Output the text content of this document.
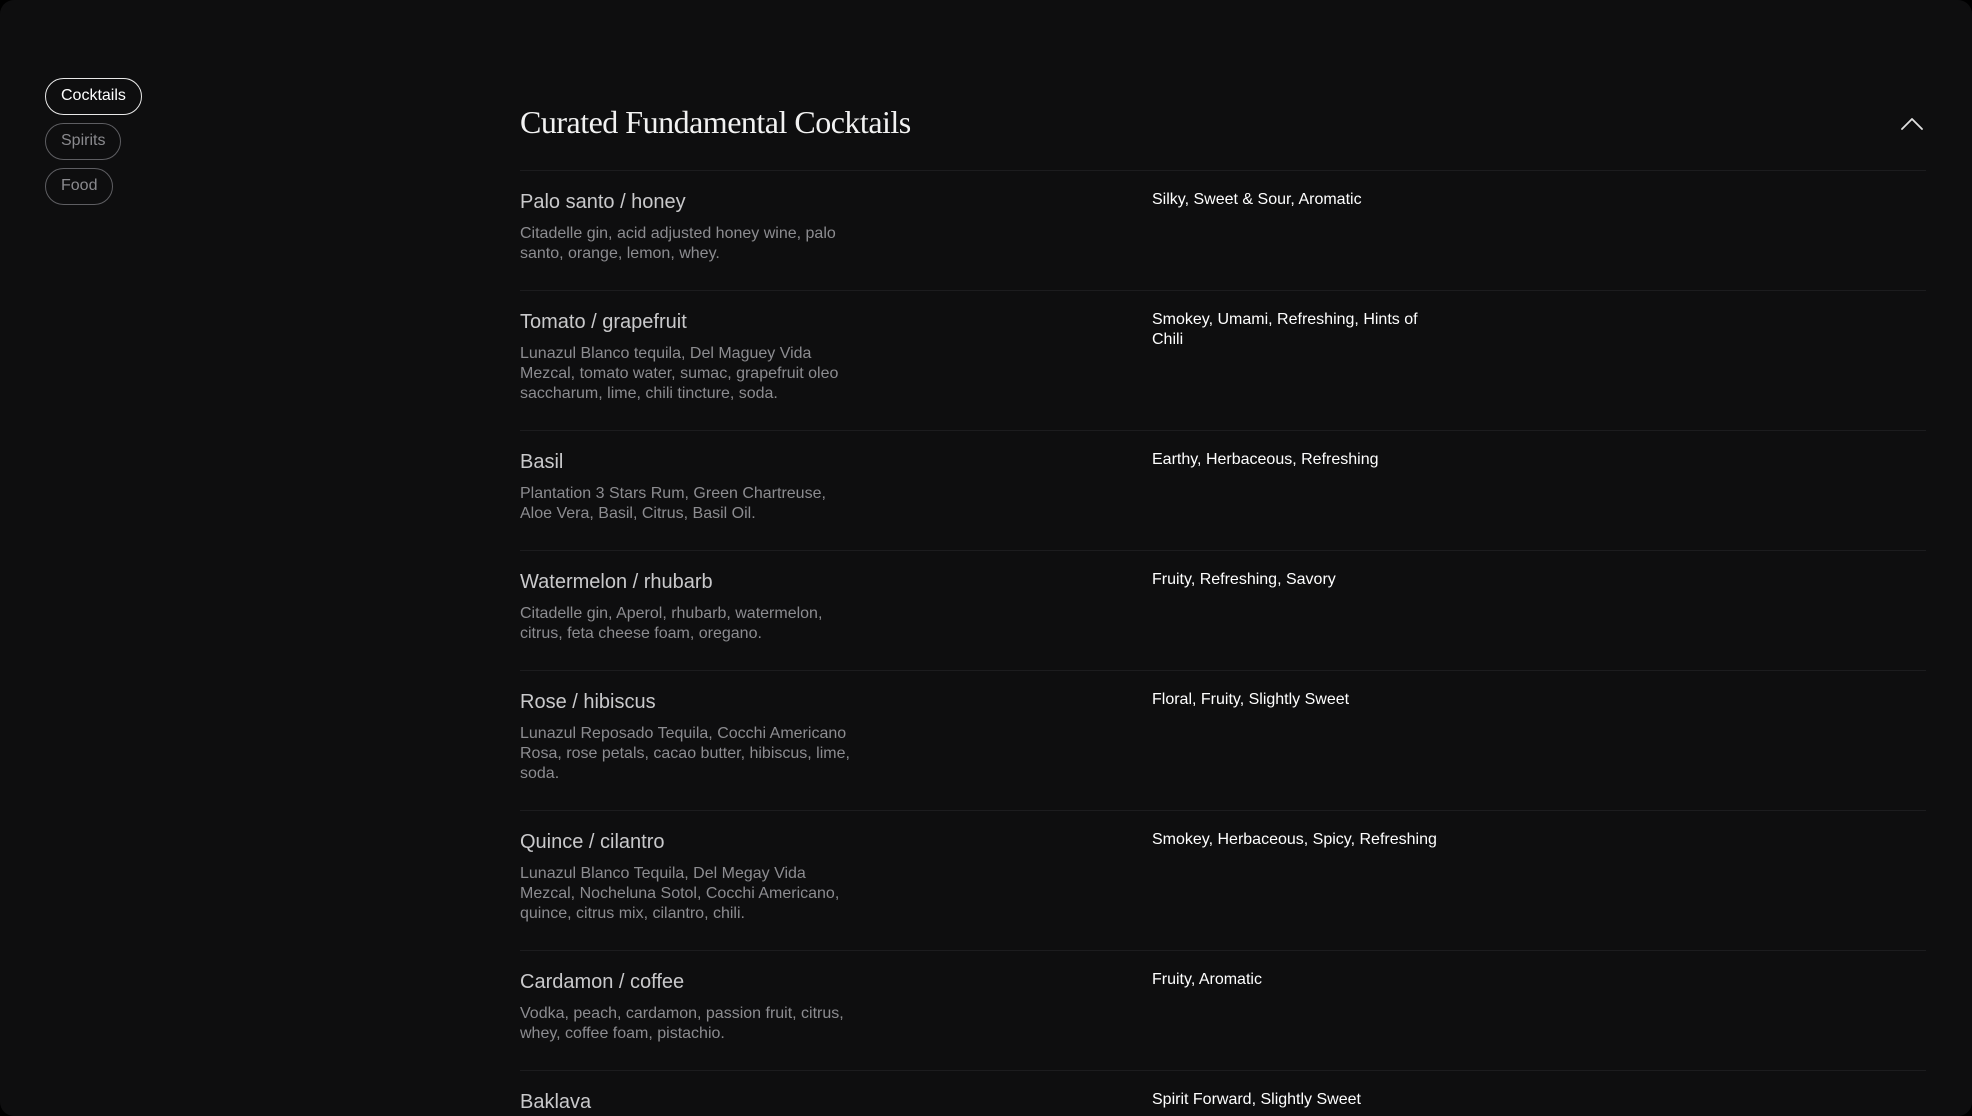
Cocktails
Spirits
Food
Curated Fundamental Cocktails

Palo santo / honey

Citadelle gin, acid adjusted honey wine, palo santo, orange, lemon, whey.

Silky, Sweet & Sour, Aromatic

Tomato / grapefruit

Lunazul Blanco tequila, Del Maguey Vida Mezcal, tomato water, sumac, grapefruit oleo saccharum, lime, chili tincture, soda.

Smokey, Umami, Refreshing, Hints of Chili

Basil

Plantation 3 Stars Rum, Green Chartreuse, Aloe Vera, Basil, Citrus, Basil Oil.

Earthy, Herbaceous, Refreshing

Watermelon / rhubarb

Citadelle gin, Aperol, rhubarb, watermelon, citrus, feta cheese foam, oregano.

Fruity, Refreshing, Savory

Rose / hibiscus

Lunazul Reposado Tequila, Cocchi Americano Rosa, rose petals, cacao butter, hibiscus, lime, soda.

Floral, Fruity, Slightly Sweet

Quince / cilantro

Lunazul Blanco Tequila, Del Megay Vida Mezcal, Nocheluna Sotol, Cocchi Americano, quince, citrus mix, cilantro, chili.

Smokey, Herbaceous, Spicy, Refreshing

Cardamon / coffee

Vodka, peach, cardamon, passion fruit, citrus, whey, coffee foam, pistachio.

Fruity, Aromatic

Baklava	Spirit Forward, Slightly Sweet
